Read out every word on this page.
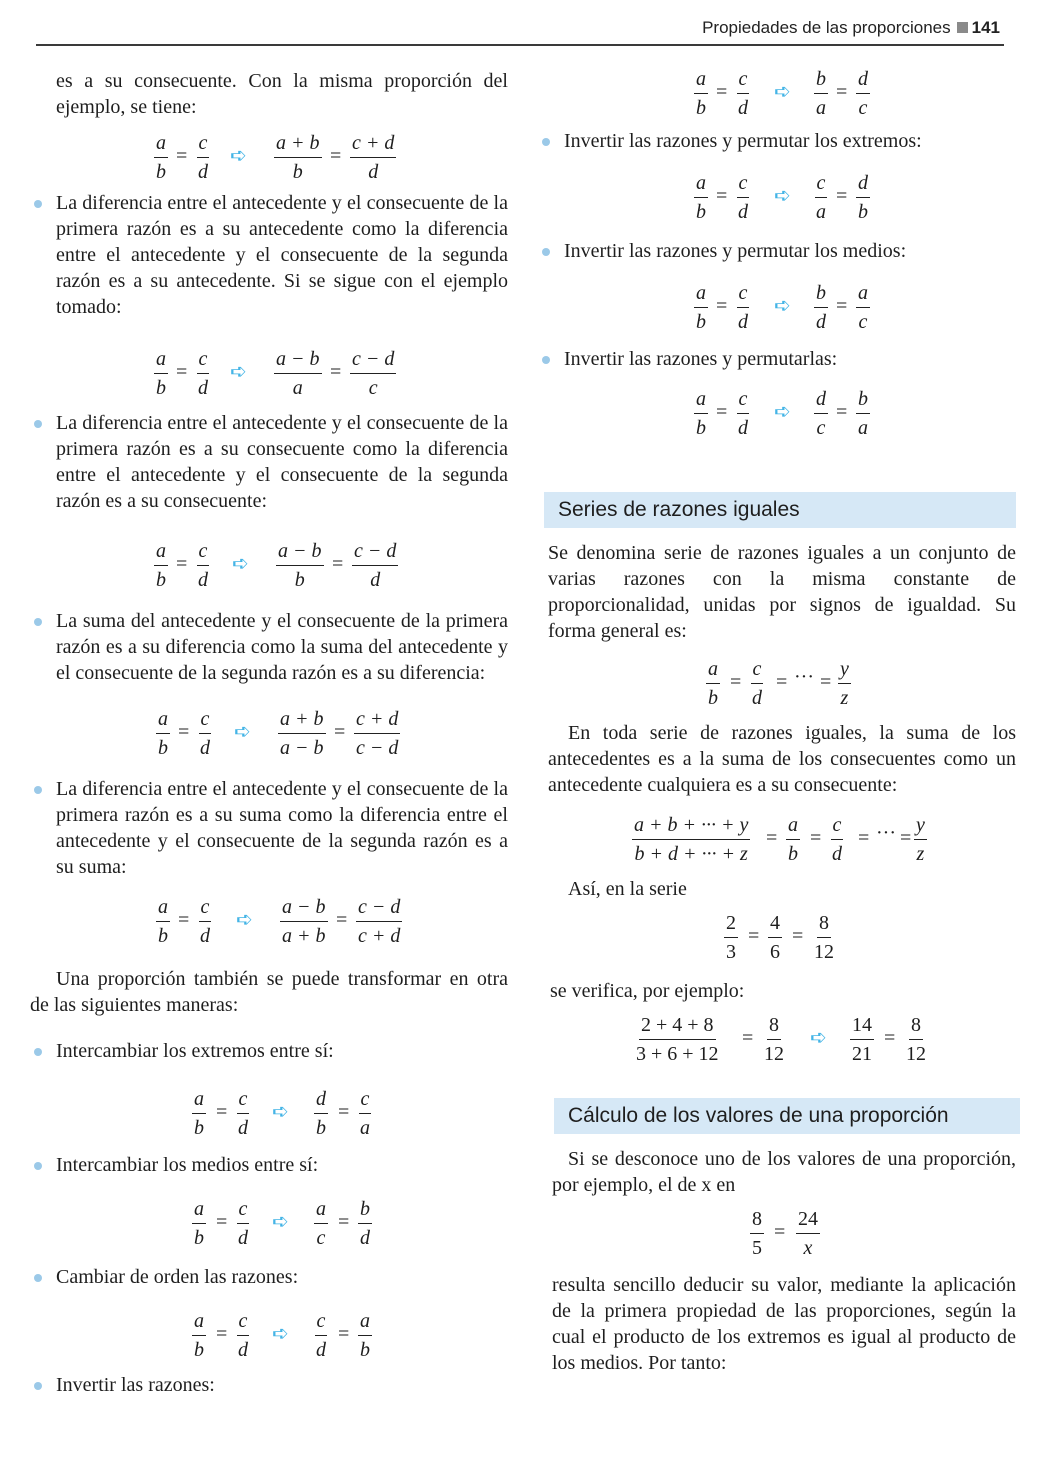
Propiedades de las proporciones 141

es a su consecuente. Con la misma proporción del ejemplo, se tiene:

$\frac{a}{b} = \frac{c}{d}$ ➪ $\frac{a + b}{b} = \frac{c + d}{d}$

La diferencia entre el antecedente y el consecuente de la primera razón es a su antecedente como la diferencia entre el antecedente y el consecuente de la segunda razón es a su antecedente. Si se sigue con el ejemplo tomado:

$\frac{a}{b} = \frac{c}{d}$ ➪ $\frac{a - b}{a} = \frac{c - d}{c}$

La diferencia entre el antecedente y el consecuente de la primera razón es a su consecuente como la diferencia entre el antecedente y el consecuente de la segunda razón es a su consecuente:

$\frac{a}{b} = \frac{c}{d}$ ➪ $\frac{a - b}{b} = \frac{c - d}{d}$

La suma del antecedente y el consecuente de la primera razón es a su diferencia como la suma del antecedente y el consecuente de la segunda razón es a su diferencia:

$\frac{a}{b} = \frac{c}{d}$ ➪ $\frac{a + b}{a - b} = \frac{c + d}{c - d}$

La diferencia entre el antecedente y el consecuente de la primera razón es a su suma como la diferencia entre el antecedente y el consecuente de la segunda razón es a su suma:

$\frac{a}{b} = \frac{c}{d}$ ➪ $\frac{a - b}{a + b} = \frac{c - d}{c + d}$

Una proporción también se puede transformar en otra de las siguientes maneras:

Intercambiar los extremos entre sí:

$\frac{a}{b} = \frac{c}{d}$ ➪ $\frac{d}{b} = \frac{c}{a}$

Intercambiar los medios entre sí:

$\frac{a}{b} = \frac{c}{d}$ ➪ $\frac{a}{c} = \frac{b}{d}$

Cambiar de orden las razones:

$\frac{a}{b} = \frac{c}{d}$ ➪ $\frac{c}{d} = \frac{a}{b}$

Invertir las razones:

$\frac{a}{b} = \frac{c}{d}$ ➪ $\frac{b}{a} = \frac{d}{c}$

Invertir las razones y permutar los extremos:

$\frac{a}{b} = \frac{c}{d}$ ➪ $\frac{c}{a} = \frac{d}{b}$

Invertir las razones y permutar los medios:

$\frac{a}{b} = \frac{c}{d}$ ➪ $\frac{b}{d} = \frac{a}{c}$

Invertir las razones y permutarlas:

$\frac{a}{b} = \frac{c}{d}$ ➪ $\frac{d}{c} = \frac{b}{a}$
Series de razones iguales

Se denomina serie de razones iguales a un conjunto de varias razones con la misma constante de proporcionalidad, unidas por signos de igualdad. Su forma general es:

$\frac{a}{b} = \frac{c}{d}$ = ··· = $\frac{y}{z}$

En toda serie de razones iguales, la suma de los antecedentes es a la suma de los consecuentes como un antecedente cualquiera es a su consecuente:

$\frac{a + b + \cdot\cdot\cdot + y}{b + d + \cdot\cdot\cdot + z} = \frac{a}{b} = \frac{c}{d}$ = ··· = $\frac{y}{z}$

Así, en la serie

$\frac{2}{3} = \frac{4}{6} = \frac{8}{12}$

se verifica, por ejemplo:

$\frac{2 + 4 + 8}{3 + 6 + 12} = \frac{8}{12}$ ➪ $\frac{14}{21} = \frac{8}{12}$
Cálculo de los valores de una proporción

Si se desconoce uno de los valores de una proporción, por ejemplo, el de x en

$\frac{8}{5} = \frac{24}{x}$

resulta sencillo deducir su valor, mediante la aplicación de la primera propiedad de las proporciones, según la cual el producto de los extremos es igual al producto de los medios. Por tanto:
